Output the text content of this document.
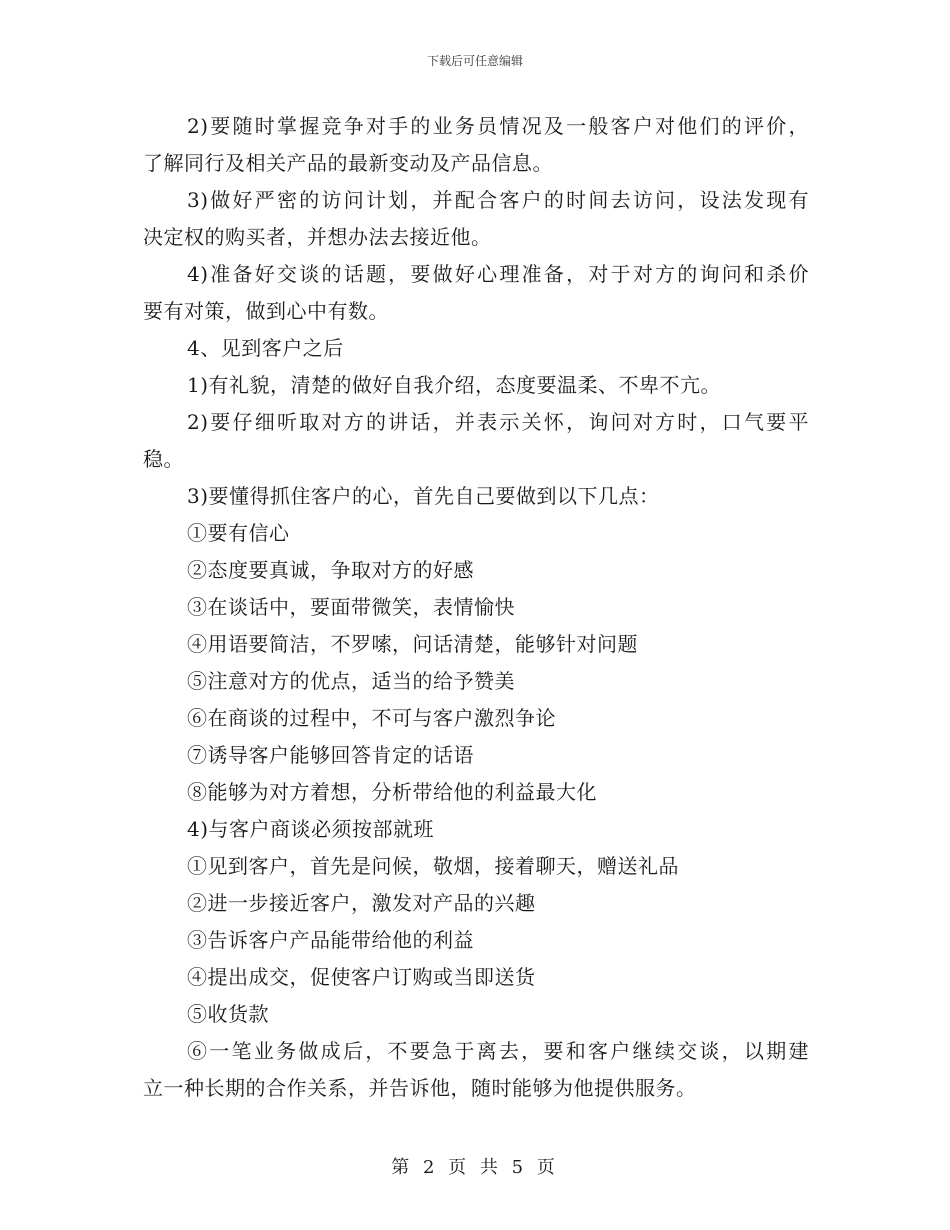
下载后可任意编辑
2)要随时掌握竞争对手的业务员情况及一般客户对他们的评价，
了解同行及相关产品的最新变动及产品信息。
3)做好严密的访问计划，并配合客户的时间去访问，设法发现有
决定权的购买者，并想办法去接近他。
4)准备好交谈的话题，要做好心理准备，对于对方的询问和杀价
要有对策，做到心中有数。
4、见到客户之后
1)有礼貌，清楚的做好自我介绍，态度要温柔、不卑不亢。
2)要仔细听取对方的讲话，并表示关怀，询问对方时，口气要平
稳。
3)要懂得抓住客户的心，首先自己要做到以下几点：
①要有信心
②态度要真诚，争取对方的好感
③在谈话中，要面带微笑，表情愉快
④用语要简洁，不罗嗦，问话清楚，能够针对问题
⑤注意对方的优点，适当的给予赞美
⑥在商谈的过程中，不可与客户激烈争论
⑦诱导客户能够回答肯定的话语
⑧能够为对方着想，分析带给他的利益最大化
4)与客户商谈必须按部就班
①见到客户，首先是问候，敬烟，接着聊天，赠送礼品
②进一步接近客户，激发对产品的兴趣
③告诉客户产品能带给他的利益
④提出成交，促使客户订购或当即送货
⑤收货款
⑥一笔业务做成后，不要急于离去，要和客户继续交谈，以期建
立一种长期的合作关系，并告诉他，随时能够为他提供服务。
第 2 页 共 5 页
